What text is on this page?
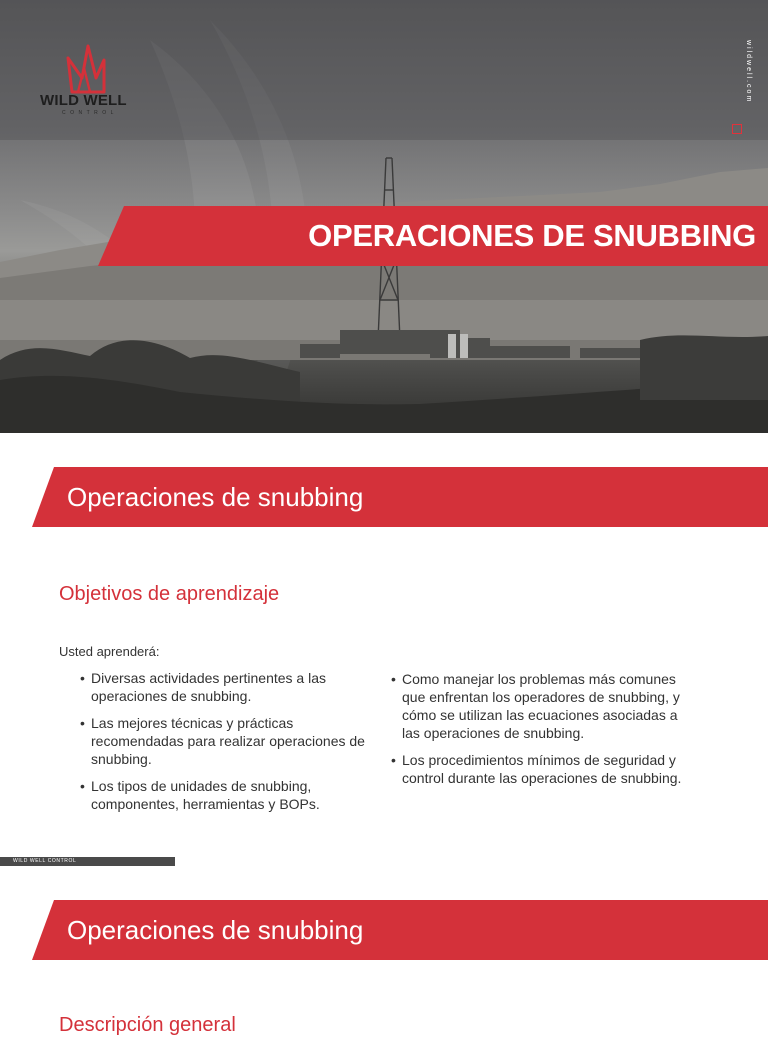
WILD WELL
CONTROL
wildwell.com
OPERACIONES DE SNUBBING
Operaciones de snubbing
Objetivos de aprendizaje
Usted aprenderá:
• Diversas actividades pertinentes a las operaciones de snubbing.
• Las mejores técnicas y prácticas recomendadas para realizar operaciones de snubbing.
• Los tipos de unidades de snubbing, componentes, herramientas y BOPs.
• Como manejar los problemas más comunes que enfrentan los operadores de snubbing, y cómo se utilizan las ecuaciones asociadas a las operaciones de snubbing.
• Los procedimientos mínimos de seguridad y control durante las operaciones de snubbing.
WILD WELL CONTROL
Operaciones de snubbing
Descripción general
